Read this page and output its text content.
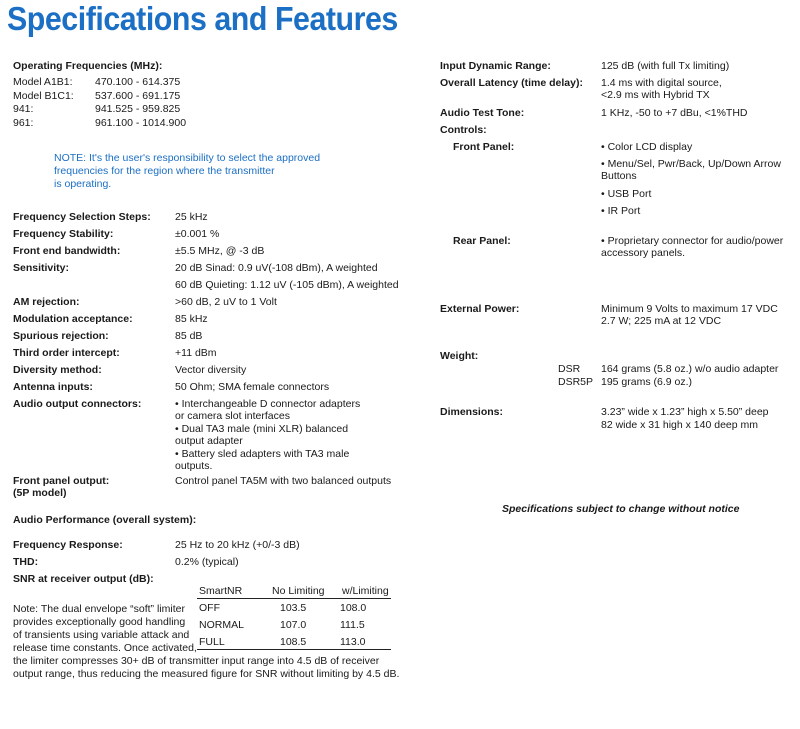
Specifications and Features
Operating Frequencies (MHz):
Model A1B1: 470.100 - 614.375
Model B1C1: 537.600 - 691.175
941:	941.525 - 959.825
961:	961.100 - 1014.900
NOTE: It's the user's responsibility to select the approved
frequencies for the region where the transmitter
is operating.
Frequency Selection Steps: 25 kHz
Frequency Stability:	±0.001 %
Front end bandwidth:	±5.5 MHz, @ -3 dB
Sensitivity:	20 dB Sinad: 0.9 uV(-108 dBm), A weighted
60 dB Quieting: 1.12 uV (-105 dBm), A weighted
AM rejection:	>60 dB, 2 uV to 1 Volt
Modulation acceptance:	85 kHz
Spurious rejection:	85 dB
Third order intercept:	+11 dBm
Diversity method:	Vector diversity
Antenna inputs:	50 Ohm; SMA female connectors
Audio output connectors:	• Interchangeable D connector adapters
or camera slot interfaces
• Dual TA3 male (mini XLR) balanced
output adapter
• Battery sled adapters with TA3 male
outputs.
Front panel output:
(5P model)
Control panel TA5M with two balanced outputs
Audio Performance (overall system):
Frequency Response:	25 Hz to 20 kHz (+0/-3 dB)
THD:	0.2% (typical)
SNR at receiver output (dB):
SmartNR	No Limiting w/Limiting
OFF	103.5	108.0
NORMAL	107.0	111.5
FULL	108.5	113.0
Note: The dual envelope “soft” limiter
provides exceptionally good handling
of transients using variable attack and
release time constants. Once activated,
the limiter compresses 30+ dB of transmitter input range into 4.5 dB of receiver
output range, thus reducing the measured figure for SNR without limiting by 4.5 dB.
Input Dynamic Range:	125 dB (with full Tx limiting)
Overall Latency (time delay): 1.4 ms with digital source,
<2.9 ms with Hybrid TX
Audio Test Tone:	1 KHz, -50 to +7 dBu, <1%THD
Controls:
Front Panel:	• Color LCD display
• Menu/Sel, Pwr/Back, Up/Down Arrow
Buttons
• USB Port
• IR Port
Rear Panel:	• Proprietary connector for audio/power
accessory panels.
External Power:	Minimum 9 Volts to maximum 17 VDC
2.7 W; 225 mA at 12 VDC
Weight:
DSR 164 grams (5.8 oz.) w/o audio adapter
DSR5P 195 grams (6.9 oz.)
Dimensions:	3.23” wide x 1.23” high x 5.50” deep
82 wide x 31 high x 140 deep mm
Specifications subject to change without notice
